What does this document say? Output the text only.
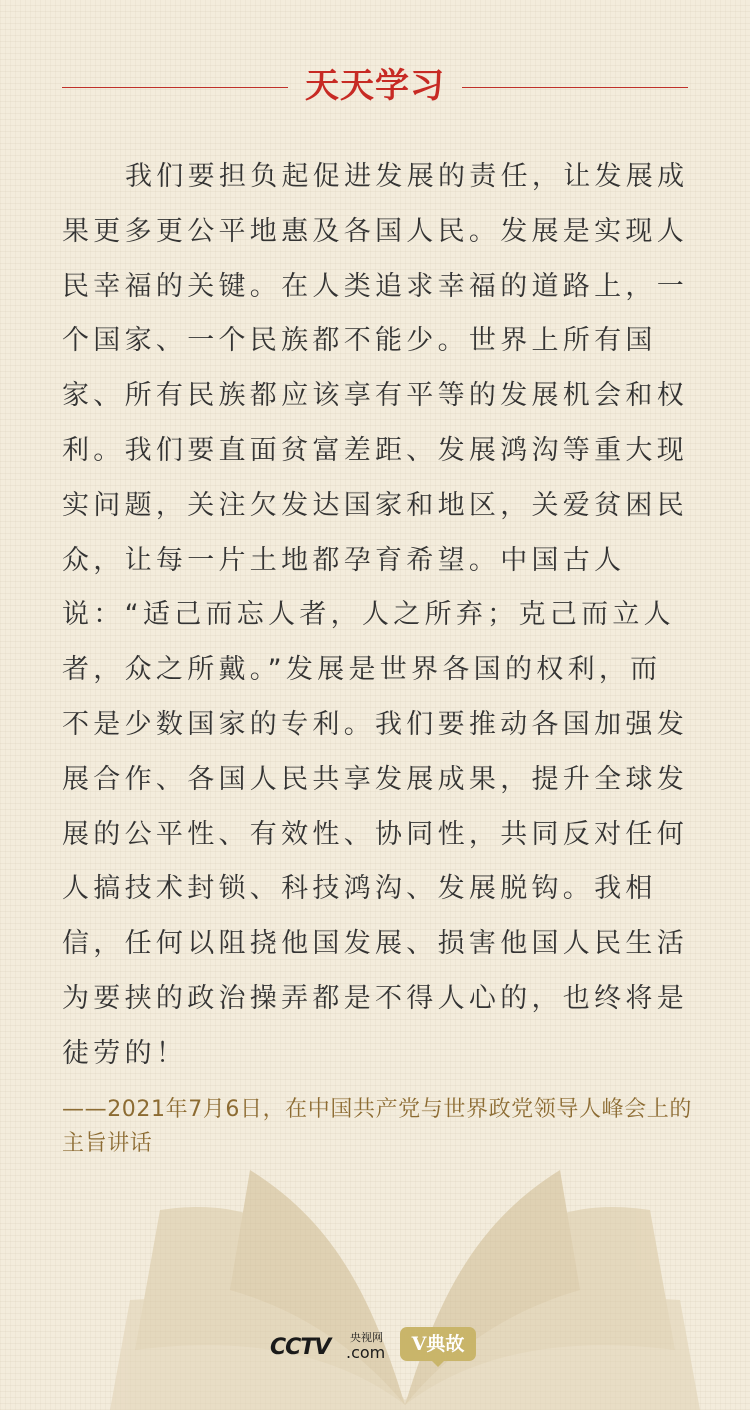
天天学习

我们要担负起促进发展的责任，让发展成果更多更公平地惠及各国人民。发展是实现人民幸福的关键。在人类追求幸福的道路上，一个国家、一个民族都不能少。世界上所有国家、所有民族都应该享有平等的发展机会和权利。我们要直面贫富差距、发展鸿沟等重大现实问题，关注欠发达国家和地区，关爱贫困民众，让每一片土地都孕育希望。中国古人说：“适己而忘人者，人之所弃；克己而立人者，众之所戴。”发展是世界各国的权利，而不是少数国家的专利。我们要推动各国加强发展合作、各国人民共享发展成果，提升全球发展的公平性、有效性、协同性，共同反对任何人搞技术封锁、科技鸿沟、发展脱钩。我相信，任何以阻挠他国发展、损害他国人民生活为要挟的政治操弄都是不得人心的，也终将是徒劳的！

——2021年7月6日，在中国共产党与世界政党领导人峰会上的主旨讲话

CCTV 央视网
.com	V典故
